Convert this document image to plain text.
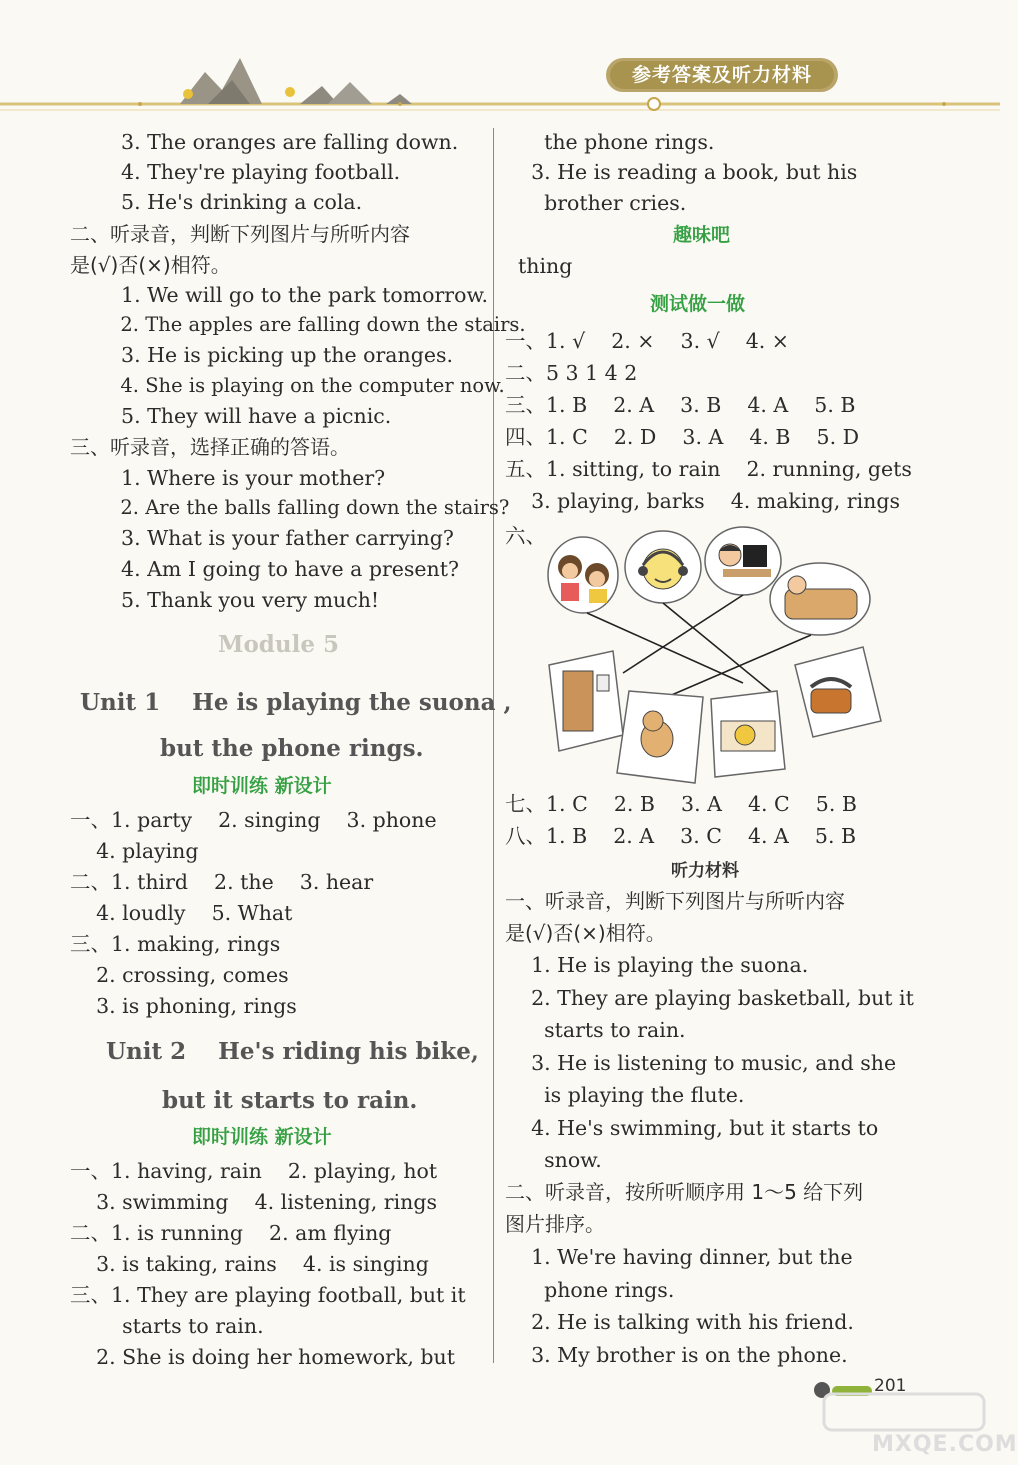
参考答案及听力材料
3. The oranges are falling down.
4. They're playing football.
5. He's drinking a cola.
二、听录音，判断下列图片与所听内容
是(√)否(×)相符。
1. We will go to the park tomorrow.
2. The apples are falling down the stairs.
3. He is picking up the oranges.
4. She is playing on the computer now.
5. They will have a picnic.
三、听录音，选择正确的答语。
1. Where is your mother?
2. Are the balls falling down the stairs?
3. What is your father carrying?
4. Am I going to have a present?
5. Thank you very much!
Module 5
Unit 1    He is playing the suona ,
but the phone rings.
即时训练 新设计
一、1. party    2. singing    3. phone
4. playing
二、1. third    2. the    3. hear
4. loudly    5. What
三、1. making, rings
2. crossing, comes
3. is phoning, rings
Unit 2    He's riding his bike,
but it starts to rain.
即时训练 新设计
一、1. having, rain    2. playing, hot
3. swimming    4. listening, rings
二、1. is running    2. am flying
3. is taking, rains    4. is singing
三、1. They are playing football, but it
starts to rain.
2. She is doing her homework, but
the phone rings.
3. He is reading a book, but his
brother cries.
趣味吧
thing
测试做一做
一、1. √    2. ×    3. √    4. ×
二、5 3 1 4 2
三、1. B    2. A    3. B    4. A    5. B
四、1. C    2. D    3. A    4. B    5. D
五、1. sitting, to rain    2. running, gets
3. playing, barks    4. making, rings
六、
七、1. C    2. B    3. A    4. C    5. B
八、1. B    2. A    3. C    4. A    5. B
听力材料
一、听录音，判断下列图片与所听内容
是(√)否(×)相符。
1. He is playing the suona.
2. They are playing basketball, but it
starts to rain.
3. He is listening to music, and she
is playing the flute.
4. He's swimming, but it starts to
snow.
二、听录音，按所听顺序用 1～5 给下列
图片排序。
1. We're having dinner, but the
phone rings.
2. He is talking with his friend.
3. My brother is on the phone.
201
MXQE.COM
